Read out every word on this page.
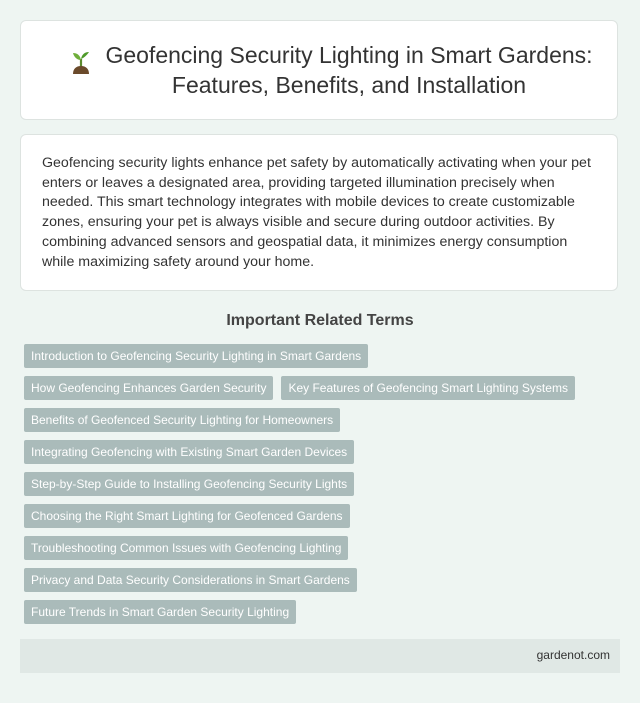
Geofencing Security Lighting in Smart Gardens: Features, Benefits, and Installation

Geofencing security lights enhance pet safety by automatically activating when your pet enters or leaves a designated area, providing targeted illumination precisely when needed. This smart technology integrates with mobile devices to create customizable zones, ensuring your pet is always visible and secure during outdoor activities. By combining advanced sensors and geospatial data, it minimizes energy consumption while maximizing safety around your home.

Important Related Terms
Introduction to Geofencing Security Lighting in Smart Gardens
How Geofencing Enhances Garden Security	Key Features of Geofencing Smart Lighting Systems
Benefits of Geofenced Security Lighting for Homeowners
Integrating Geofencing with Existing Smart Garden Devices
Step-by-Step Guide to Installing Geofencing Security Lights
Choosing the Right Smart Lighting for Geofenced Gardens
Troubleshooting Common Issues with Geofencing Lighting
Privacy and Data Security Considerations in Smart Gardens
Future Trends in Smart Garden Security Lighting
gardenot.com
